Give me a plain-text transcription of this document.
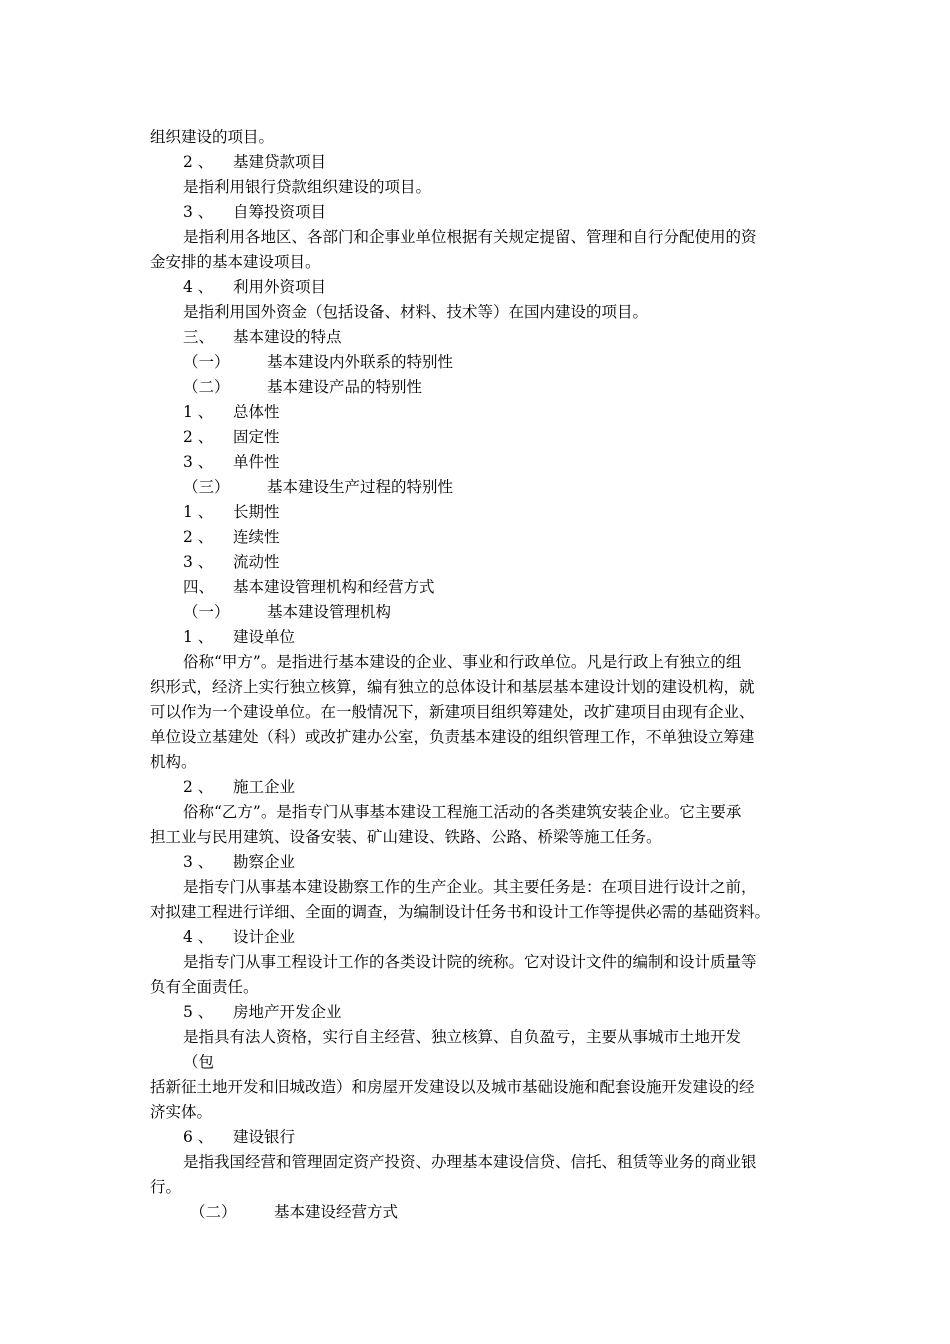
组织建设的项目。
2 、 基建贷款项目
是指利用银行贷款组织建设的项目。
3 、 自筹投资项目
是指利用各地区、各部门和企事业单位根据有关规定提留、管理和自行分配使用的资
金安排的基本建设项目。
4 、 利用外资项目
是指利用国外资金（包括设备、材料、技术等）在国内建设的项目。
三、 基本建设的特点
（一） 基本建设内外联系的特别性
（二） 基本建设产品的特别性
1 、 总体性
2 、 固定性
3 、 单件性
（三） 基本建设生产过程的特别性
1 、 长期性
2 、 连续性
3 、 流动性
四、 基本建设管理机构和经营方式
（一） 基本建设管理机构
1 、 建设单位
俗称“甲方”。是指进行基本建设的企业、事业和行政单位。凡是行政上有独立的组
织形式，经济上实行独立核算，编有独立的总体设计和基层基本建设计划的建设机构，就
可以作为一个建设单位。在一般情况下，新建项目组织筹建处，改扩建项目由现有企业、
单位设立基建处（科）或改扩建办公室，负责基本建设的组织管理工作，不单独设立筹建
机构。
2 、 施工企业
俗称“乙方”。是指专门从事基本建设工程施工活动的各类建筑安装企业。它主要承
担工业与民用建筑、设备安装、矿山建设、铁路、公路、桥梁等施工任务。
3 、 勘察企业
是指专门从事基本建设勘察工作的生产企业。其主要任务是：在项目进行设计之前，
对拟建工程进行详细、全面的调查，为编制设计任务书和设计工作等提供必需的基础资料。
4 、 设计企业
是指专门从事工程设计工作的各类设计院的统称。它对设计文件的编制和设计质量等
负有全面责任。
5 、 房地产开发企业
是指具有法人资格，实行自主经营、独立核算、自负盈亏，主要从事城市土地开发
（包
括新征土地开发和旧城改造）和房屋开发建设以及城市基础设施和配套设施开发建设的经
济实体。
6 、 建设银行
是指我国经营和管理固定资产投资、办理基本建设信贷、信托、租赁等业务的商业银
行。
（二） 基本建设经营方式
